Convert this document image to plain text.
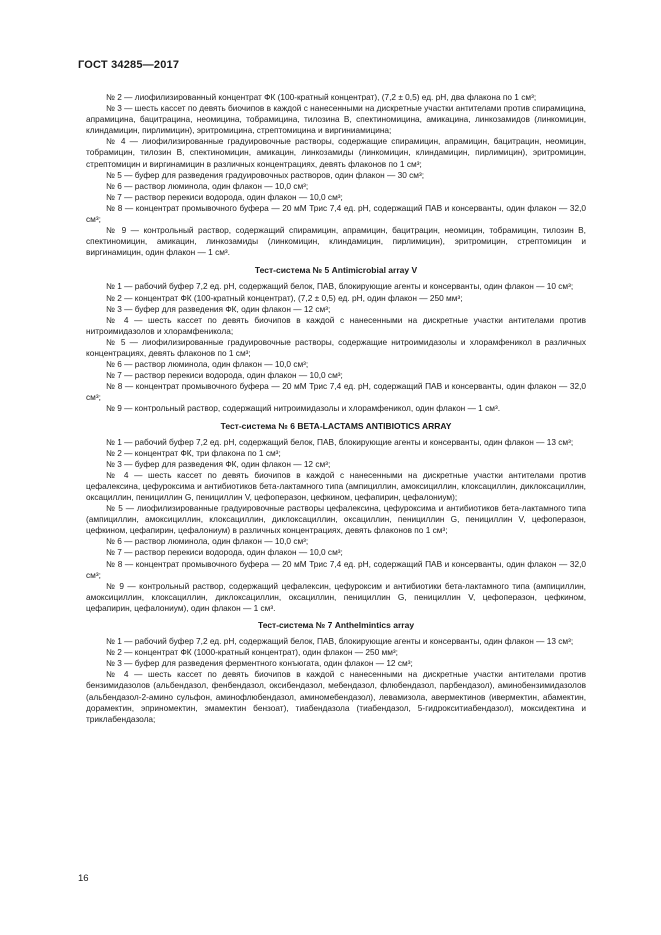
ГОСТ 34285—2017

№ 2 — лиофилизированный концентрат ФК (100-кратный концентрат), (7,2 ± 0,5) ед. рН, два флакона по 1 см³;

№ 3 — шесть кассет по девять биочипов в каждой с нанесенными на дискретные участки антителами против спирамицина, апрамицина, бацитрацина, неомицина, тобрамицина, тилозина B, спектиномицина, амикацина, линкозамидов (линкомицин, клиндамицин, пирлимицин), эритромицина, стрептомицина и виргиниамицина;

№ 4 — лиофилизированные градуировочные растворы, содержащие спирамицин, апрамицин, бацитрацин, неомицин, тобрамицин, тилозин B, спектиномицин, амикацин, линкозамиды (линкомицин, клиндамицин, пирлимицин), эритромицин, стрептомицин и виргинамицин в различных концентрациях, девять флаконов по 1 см³;

№ 5 — буфер для разведения градуировочных растворов, один флакон — 30 см³;

№ 6 — раствор люминола, один флакон — 10,0 см³;

№ 7 — раствор перекиси водорода, один флакон — 10,0 см³;

№ 8 — концентрат промывочного буфера — 20 мМ Трис 7,4 ед. рН, содержащий ПАВ и консерванты, один флакон — 32,0 см³;

№ 9 — контрольный раствор, содержащий спирамицин, апрамицин, бацитрацин, неомицин, тобрамицин, тилозин B, спектиномицин, амикацин, линкозамиды (линкомицин, клиндамицин, пирлимицин), эритромицин, стрептомицин и виргинамицин, один флакон — 1 см³.

Тест-система № 5 Antimicrobial array V

№ 1 — рабочий буфер 7,2 ед. рН, содержащий белок, ПАВ, блокирующие агенты и консерванты, один флакон — 10 см³;

№ 2 — концентрат ФК (100-кратный концентрат), (7,2 ± 0,5) ед. рН, один флакон — 250 мм³;

№ 3 — буфер для разведения ФК, один флакон — 12 см³;

№ 4 — шесть кассет по девять биочипов в каждой с нанесенными на дискретные участки антителами против нитроимидазолов и хлорамфеникола;

№ 5 — лиофилизированные градуировочные растворы, содержащие нитроимидазолы и хлорамфеникол в различных концентрациях, девять флаконов по 1 см³;

№ 6 — раствор люминола, один флакон — 10,0 см³;

№ 7 — раствор перекиси водорода, один флакон — 10,0 см³;

№ 8 — концентрат промывочного буфера — 20 мМ Трис 7,4 ед. рН, содержащий ПАВ и консерванты, один флакон — 32,0 см³;

№ 9 — контрольный раствор, содержащий нитроимидазолы и хлорамфеникол, один флакон — 1 см³.

Тест-система № 6 BETA-LACTAMS ANTIBIOTICS ARRAY

№ 1 — рабочий буфер 7,2 ед. рН, содержащий белок, ПАВ, блокирующие агенты и консерванты, один флакон — 13 см³;

№ 2 — концентрат ФК, три флакона по 1 см³;

№ 3 — буфер для разведения ФК, один флакон — 12 см³;

№ 4 — шесть кассет по девять биочипов в каждой с нанесенными на дискретные участки антителами против цефалексина, цефуроксима и антибиотиков бета-лактамного типа (ампициллин, амоксициллин, клоксациллин, диклоксациллин, оксациллин, пенициллин G, пенициллин V, цефоперазон, цефкином, цефапирин, цефалониум);

№ 5 — лиофилизированные градуировочные растворы цефалексина, цефуроксима и антибиотиков бета-лактамного типа (ампициллин, амоксициллин, клоксациллин, диклоксациллин, оксациллин, пенициллин G, пенициллин V, цефоперазон, цефкином, цефапирин, цефалониум) в различных концентрациях, девять флаконов по 1 см³;

№ 6 — раствор люминола, один флакон — 10,0 см³;

№ 7 — раствор перекиси водорода, один флакон — 10,0 см³;

№ 8 — концентрат промывочного буфера — 20 мМ Трис 7,4 ед. рН, содержащий ПАВ и консерванты, один флакон — 32,0 см³;

№ 9 — контрольный раствор, содержащий цефалексин, цефуроксим и антибиотики бета-лактамного типа (ампициллин, амоксициллин, клоксациллин, диклоксациллин, оксациллин, пенициллин G, пенициллин V, цефоперазон, цефкином, цефапирин, цефалониум), один флакон — 1 см³.

Тест-система № 7 Anthelmintics array

№ 1 — рабочий буфер 7,2 ед. рН, содержащий белок, ПАВ, блокирующие агенты и консерванты, один флакон — 13 см³;

№ 2 — концентрат ФК (1000-кратный концентрат), один флакон — 250 мм³;

№ 3 — буфер для разведения ферментного конъюгата, один флакон — 12 см³;

№ 4 — шесть кассет по девять биочипов в каждой с нанесенными на дискретные участки антителами против бензимидазолов (альбендазол, фенбендазол, оксибендазол, мебендазол, флюбендазол, парбендазол), аминобензимидазолов (альбендазол-2-амино сульфон, аминофлюбендазол, аминомебендазол), левамизола, авермектинов (ивермектин, абамектин, дорамектин, эприномектин, эмамектин бензоат), тиабендазола (тиабендазол, 5-гидрокситиабендазол), моксидектина и триклабендазола;

16
